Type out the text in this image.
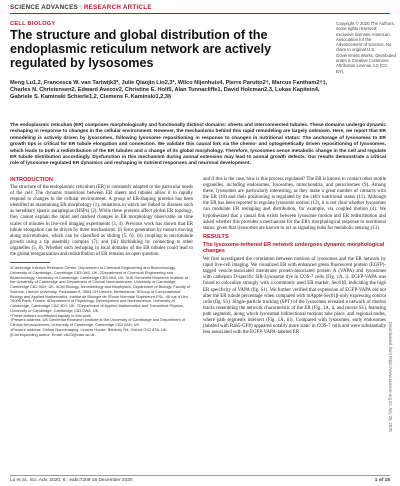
SCIENCE ADVANCES | RESEARCH ARTICLE
CELL BIOLOGY
The structure and global distribution of the endoplasmic reticulum network are actively regulated by lysosomes
Copyright © 2020 The Authors, some rights reserved; exclusive licensee American Association for the Advancement of Science. No claim to original U.S. Government Works. Distributed under a Creative Commons Attribution License 4.0 (CC BY).

Meng Lu1,2, Francesca W. van Tartwijk3*, Julie Qiaojin Lin2,3*, Wilco Nijenhuis4, Pierre Parutto2†, Marcus Fantham2†‡, Charles N. Christensen2, Edward Avezov2, Christine E. Holt5, Alan Tunnacliffe1, David Holcman2,3, Lukas Kapitein4, Gabriele S. Kaminski Schierle1,2, Clemens F. Kaminski1,2,3§

The endoplasmic reticulum (ER) comprises morphologically and functionally distinct domains: sheets and interconnected tubules. These domains undergo dynamic reshaping in response to changes in the cellular environment. However, the mechanisms behind this rapid remodeling are largely unknown. Here, we report that ER remodeling is actively driven by lysosomes, following lysosome repositioning in response to changes in nutritional status: The anchorage of lysosomes to ER growth tips is critical for ER tubule elongation and connection. We validate this causal link via the chemo- and optogenetically driven repositioning of lysosomes, which leads to both a redistribution of the ER tubules and a change of its global morphology. Therefore, lysosomes sense metabolic change in the cell and regulate ER tubule distribution accordingly. Dysfunction in this mechanism during axonal extension may lead to axonal growth defects. Our results demonstrate a critical role of lysosome-regulated ER dynamics and reshaping in nutrient responses and neuronal development.

INTRODUCTION

The structure of the endoplasmic reticulum (ER) is constantly adapted to the particular needs of the cell: The dynamic transitions between ER sheets and tubules allow it to rapidly respond to changes in the cellular environment. A group of ER-shaping proteins has been identified as maintaining ER morphology (1), mutations in which are linked to diseases such as hereditary spastic paraplegias (HSPs) (2). While these proteins affect global ER topology, they cannot explain the rapid and marked changes in ER morphology observable on time scales of minutes in live-cell imaging experiments (3, 4). Previous work has shown that ER tubule elongation can be driven by three mechanisms: (i) force generation by motors moving along microtubules, which can be classified as sliding (5, 6); (ii) coupling to microtubule growth using a tip assembly complex (7); and (iii) hitchhiking by connecting to other organelles (5, 8). Whether such reshaping in local domains of the ER tubules could lead to the global reorganization and redistribution of ER remains an open question.

1Cambridge Infinitus Research Centre, Department of Chemical Engineering and Biotechnology, University of Cambridge, Cambridge CB3 0AS, UK. 2Department of Chemical Engineering and Biotechnology, University of Cambridge, Cambridge CB3 0AS, UK. 3UK Dementia Research Institute at the University of Cambridge and Department of Clinical Neurosciences, University of Cambridge, Cambridge CB2 0AH, UK. 4Cell Biology, Neurobiology and Biophysics, Department of Biology, Faculty of Science, Utrecht University, Padualaan 8, 3584 CH Utrecht, Netherlands. 5Group of Computational Biology and Applied Mathematics, Institut de Biologie de l'École Normale Supérieure-PSL, 46 rue d'Ulm, 75005 Paris, France. 6Department of Physiology, Development and Neuroscience, University of Cambridge, Cambridge CB2 3DY, UK. 7Department of Applied Mathematics and Theoretical Physics, University of Cambridge, Cambridge CB3 0WA, UK.

*These authors contributed equally to this work.

†Present address: UK Dementia Research Institute at the University of Cambridge and Department of Clinical Neurosciences, University of Cambridge, Cambridge CB2 0AH, UK.

‡Present address: Oxford Nanoimaging, Linacre House, Banbury Rd, Oxford OX2 8TA, UK.

§Corresponding author. Email: cfk23@cam.ac.uk

and if this is the case, how is this process regulated? The ER is known to contact other motile organelles, including endosomes, lysosomes, mitochondria, and peroxisomes (9). Among these, lysosomes are particularly interesting, as they make a great number of contacts with the ER (10) and their positioning is regulated by the cell's nutritional status (11). Although the ER has been reported to regulate lysosome motion (12), it is not clear whether lysosomes can modulate ER reshaping and distribution, for example, via coupled motion (4). We hypothesized that a causal link exists between lysosome motion and ER redistribution and asked whether this provides a mechanism for the ER's morphological response to nutritional status, given that lysosomes are known to act as signaling hubs for metabolic sensing (13).

RESULTS
The lysosome-tethered ER network undergoes dynamic morphological changes

We first investigated the correlation between motions of lysosomes and the ER network by rapid live-cell imaging. We visualized ER with enhanced green fluorescent protein (EGFP)-tagged vesicle-associated membrane protein-associated protein A (VAPA) and lysosomes with cathepsin D-specific SiR-Lysosome dye in COS-7 cells (Fig. 1A, i). EGFP-VAPA was found to colocalize strongly with a commonly used ER marker, Sec61β, indicating the high ER specificity of VAPA (fig. S1). We further verified that expression of EGFP-VAPA did not alter the ER tubule percentage when compared with mApple-Sec61β-only expressing control cells (fig. S1). Single-particle tracking (SPT) of the lysosomes revealed a network of motion tracks resembling the network characteristic of the ER (Fig. 1A, ii, and movie S1), featuring path segments, along which lysosomal bidirectional motions take place, and regional nodes, where path segments intersect (Fig. 1A, iii). Compared with lysosomes, early endosomes (labeled with Rab5-GFP) appeared notably more static in COS-7 cells and were substantially less associated with the EGFP-VAPA-labeled ER

Lu et al., Sci. Adv. 2020; 6 : eabc7209 16 December 2020	1 of 15
Downloaded from https://www.science.org on July 25, 2025
